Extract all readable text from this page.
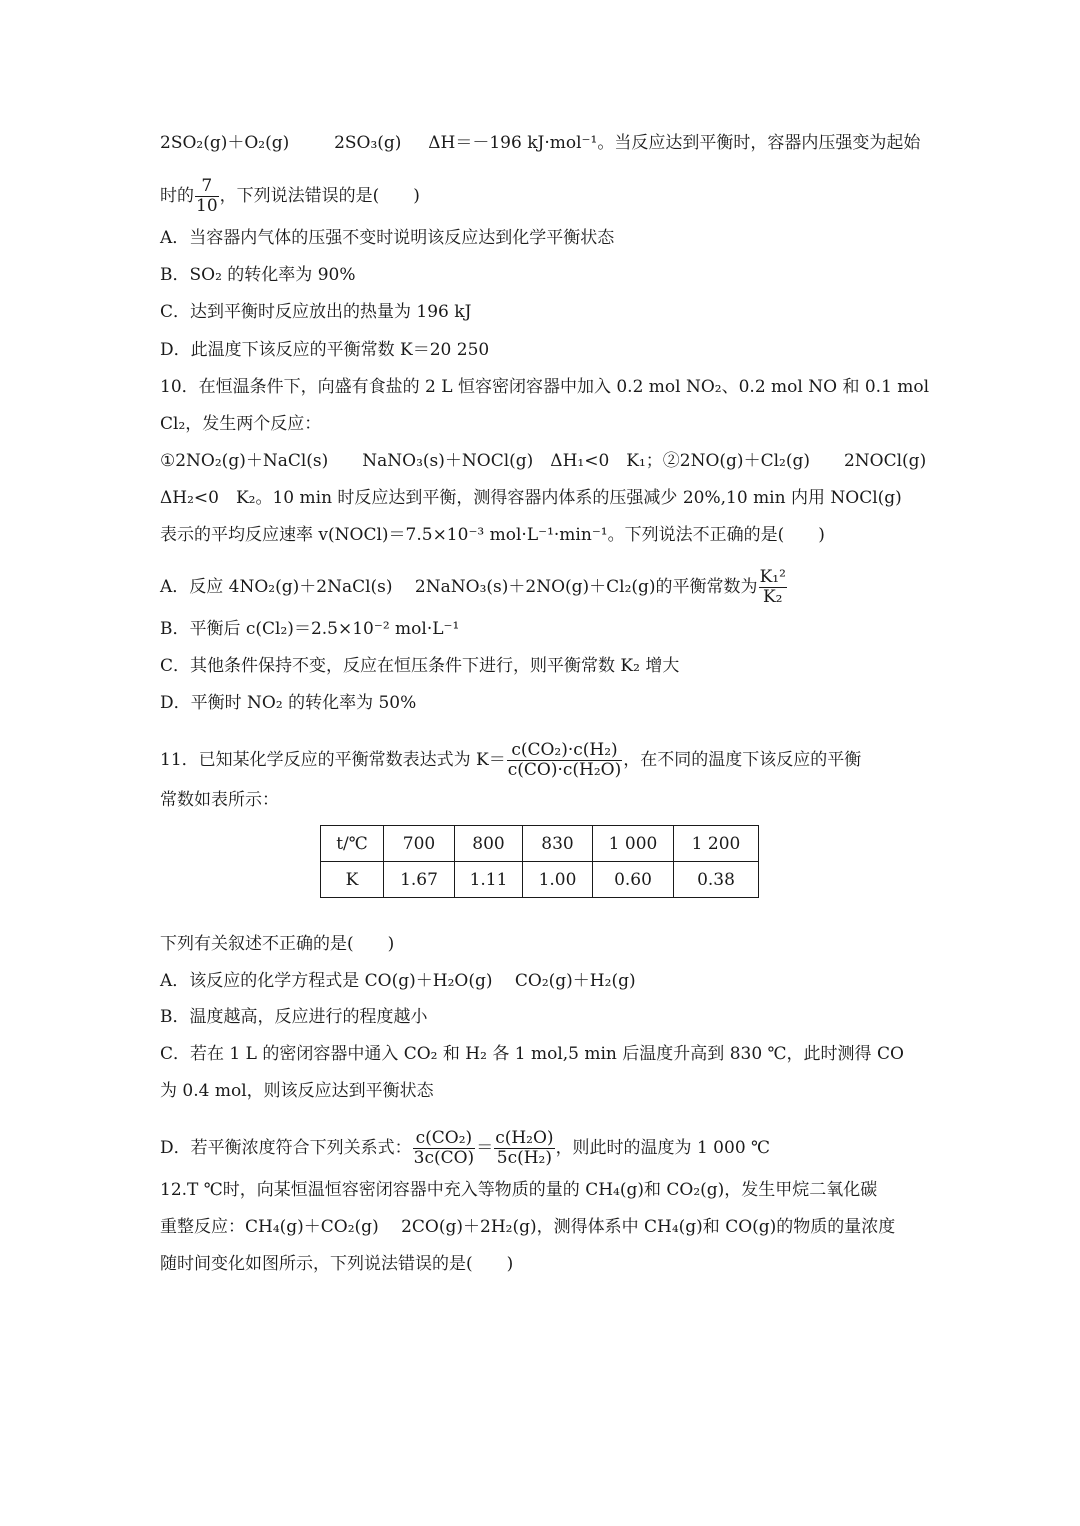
2SO₂(g)＋O₂(g)	2SO₃(g) ΔH＝－196 kJ·mol⁻¹。当反应达到平衡时，容器内压强变为起始
时的 $\frac{7}{10}$ ，下列说法错误的是(　　)
A．当容器内气体的压强不变时说明该反应达到化学平衡状态
B．SO₂ 的转化率为 90%
C．达到平衡时反应放出的热量为 196 kJ
D．此温度下该反应的平衡常数 K＝20 250
10．在恒温条件下，向盛有食盐的 2 L 恒容密闭容器中加入 0.2 mol NO₂、0.2 mol NO 和 0.1 mol
Cl₂，发生两个反应：
①2NO₂(g)＋NaCl(s)　　NaNO₃(s)＋NOCl(g)　ΔH₁<0　K₁；②2NO(g)＋Cl₂(g)　　2NOCl(g)
ΔH₂<0　K₂。10 min 时反应达到平衡，测得容器内体系的压强减少 20%,10 min 内用 NOCl(g)
表示的平均反应速率 v(NOCl)＝7.5×10⁻³ mol·L⁻¹·min⁻¹。下列说法不正确的是(　　)
A．反应 4NO₂(g)＋2NaCl(s)　 2NaNO₃(s)＋2NO(g)＋Cl₂(g)的平衡常数为 $\frac{\text{K₁²}}{\text{K₂}}$
B．平衡后 c(Cl₂)＝2.5×10⁻² mol·L⁻¹
C．其他条件保持不变，反应在恒压条件下进行，则平衡常数 K₂ 增大
D．平衡时 NO₂ 的转化率为 50%
11．已知某化学反应的平衡常数表达式为 $K= \frac{\text{c(CO₂)·c(H₂)}}{\text{c(CO)·c(H₂O)}}$ ，在不同的温度下该反应的平衡
常数如表所示：
t/℃	700	800	830	1 000	1 200
K	1.67	1.11	1.00	0.60	0.38
下列有关叙述不正确的是(　　)
A．该反应的化学方程式是 CO(g)＋H₂O(g)　 CO₂(g)＋H₂(g)
B．温度越高，反应进行的程度越小
C．若在 1 L 的密闭容器中通入 CO₂ 和 H₂ 各 1 mol,5 min 后温度升高到 830 ℃，此时测得 CO
为 0.4 mol，则该反应达到平衡状态
D．若平衡浓度符合下列关系式： $\frac{\text{c(CO₂)}}{3c(CO)} = \frac{\text{c(H₂O)}}{\text{5c(H₂)}}$ ，则此时的温度为 1 000 ℃
12.T ℃时，向某恒温恒容密闭容器中充入等物质的量的 CH₄(g)和 CO₂(g)，发生甲烷二氧化碳
重整反应：CH₄(g)＋CO₂(g)　 2CO(g)＋2H₂(g)，测得体系中 CH₄(g)和 CO(g)的物质的量浓度
随时间变化如图所示，下列说法错误的是(　　)
